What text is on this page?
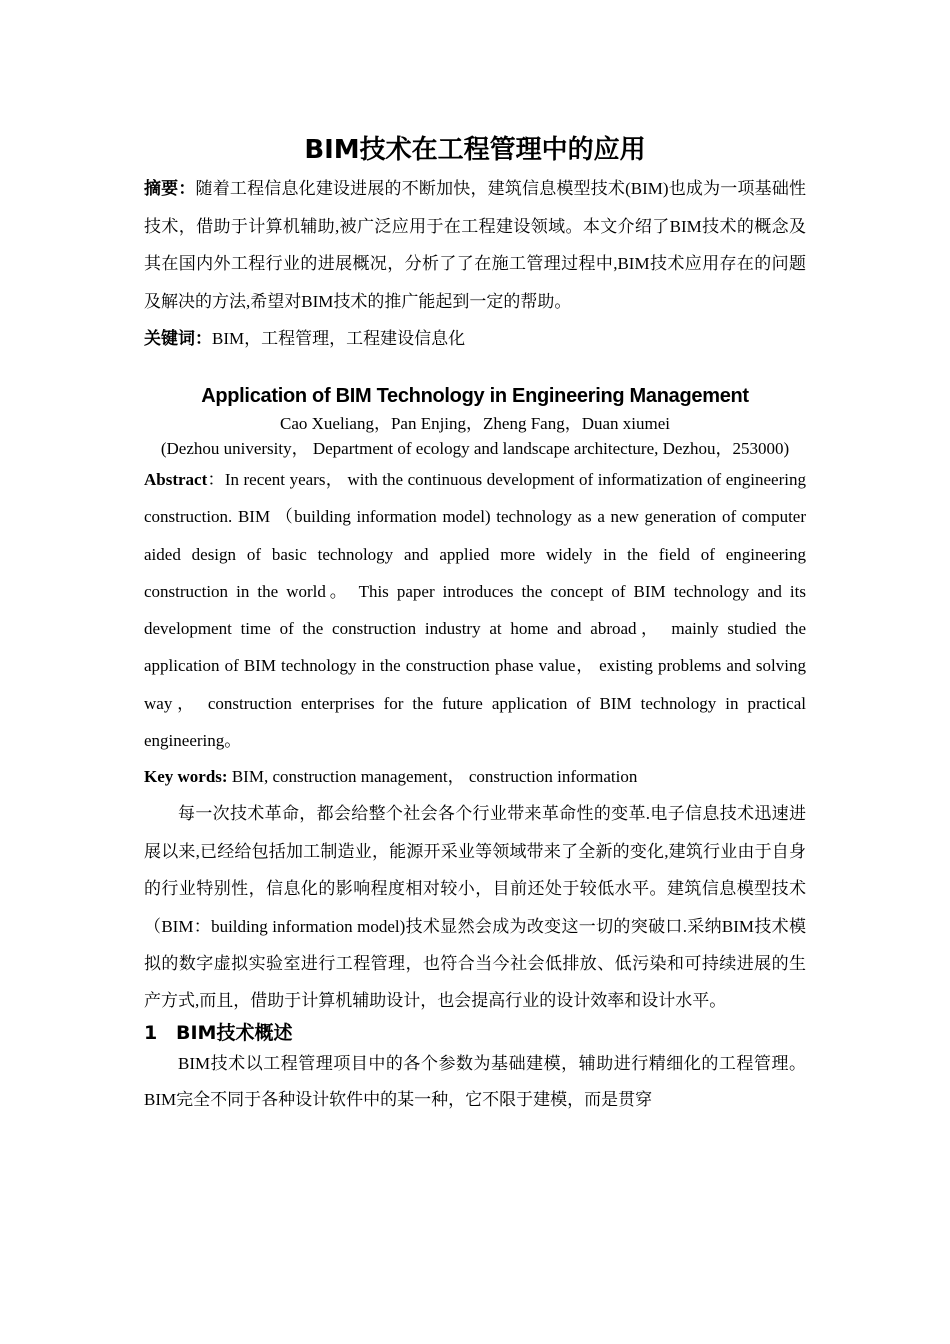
BIM技术在工程管理中的应用

摘要：随着工程信息化建设进展的不断加快，建筑信息模型技术(BIM)也成为一项基础性技术，借助于计算机辅助,被广泛应用于在工程建设领域。本文介绍了BIM技术的概念及其在国内外工程行业的进展概况，分析了了在施工管理过程中,BIM技术应用存在的问题及解决的方法,希望对BIM技术的推广能起到一定的帮助。

关键词：BIM，工程管理，工程建设信息化

Application of BIM Technology in Engineering Management

Cao Xueliang，Pan Enjing，Zheng Fang，Duan xiumei

(Dezhou university， Department of ecology and landscape architecture, Dezhou，253000)

Abstract：In recent years， with the continuous development of informatization of engineering construction. BIM （building information model) technology as a new generation of computer aided design of basic technology and applied more widely in the field of engineering construction in the world。 This paper introduces the concept of BIM technology and its development time of the construction industry at home and abroad， mainly studied the application of BIM technology in the construction phase value， existing problems and solving way， construction enterprises for the future application of BIM technology in practical engineering。

Key words: BIM, construction management， construction information

每一次技术革命，都会给整个社会各个行业带来革命性的变革.电子信息技术迅速进展以来,已经给包括加工制造业，能源开采业等领域带来了全新的变化,建筑行业由于自身的行业特别性，信息化的影响程度相对较小，目前还处于较低水平。建筑信息模型技术（BIM：building information model)技术显然会成为改变这一切的突破口.采纳BIM技术模拟的数字虚拟实验室进行工程管理，也符合当今社会低排放、低污染和可持续进展的生产方式,而且，借助于计算机辅助设计，也会提高行业的设计效率和设计水平。

1 BIM技术概述

BIM技术以工程管理项目中的各个参数为基础建模，辅助进行精细化的工程管理。BIM完全不同于各种设计软件中的某一种，它不限于建模，而是贯穿
